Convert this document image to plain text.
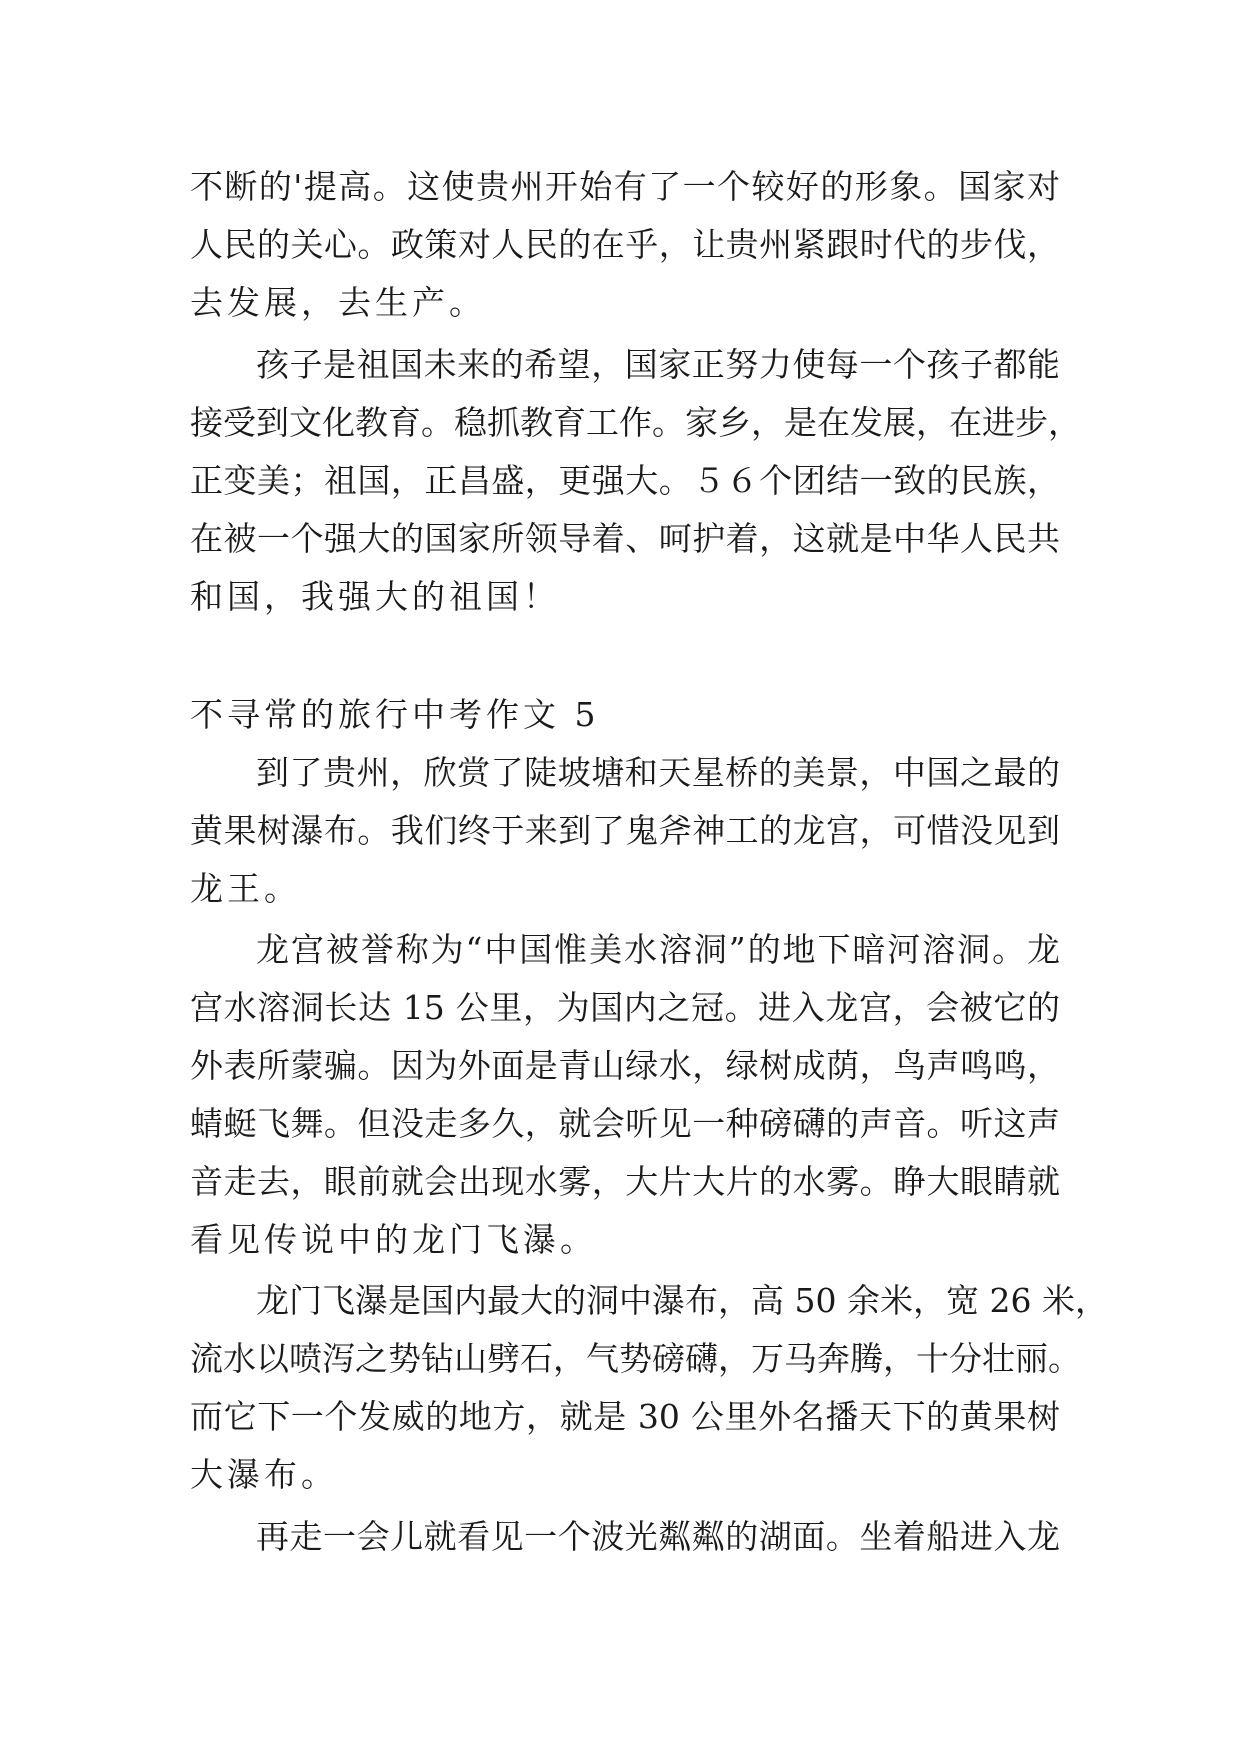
不断的'提高。这使贵州开始有了一个较好的形象。国家对
人民的关心。政策对人民的在乎，让贵州紧跟时代的步伐，
去发展，去生产。
孩子是祖国未来的希望，国家正努力使每一个孩子都能
接受到文化教育。稳抓教育工作。家乡，是在发展，在进步，
正变美；祖国，正昌盛，更强大。５６个团结一致的民族，
在被一个强大的国家所领导着、呵护着，这就是中华人民共
和国，我强大的祖国！
不寻常的旅行中考作文 5
到了贵州，欣赏了陡坡塘和天星桥的美景，中国之最的
黄果树瀑布。我们终于来到了鬼斧神工的龙宫，可惜没见到
龙王。
龙宫被誉称为“中国惟美水溶洞”的地下暗河溶洞。龙
宫水溶洞长达 15 公里，为国内之冠。进入龙宫，会被它的
外表所蒙骗。因为外面是青山绿水，绿树成荫，鸟声鸣鸣，
蜻蜓飞舞。但没走多久，就会听见一种磅礴的声音。听这声
音走去，眼前就会出现水雾，大片大片的水雾。睁大眼睛就
看见传说中的龙门飞瀑。
龙门飞瀑是国内最大的洞中瀑布，高 50 余米，宽 26 米，
流水以喷泻之势钻山劈石，气势磅礴，万马奔腾，十分壮丽。
而它下一个发威的地方，就是 30 公里外名播天下的黄果树
大瀑布。
再走一会儿就看见一个波光粼粼的湖面。坐着船进入龙
